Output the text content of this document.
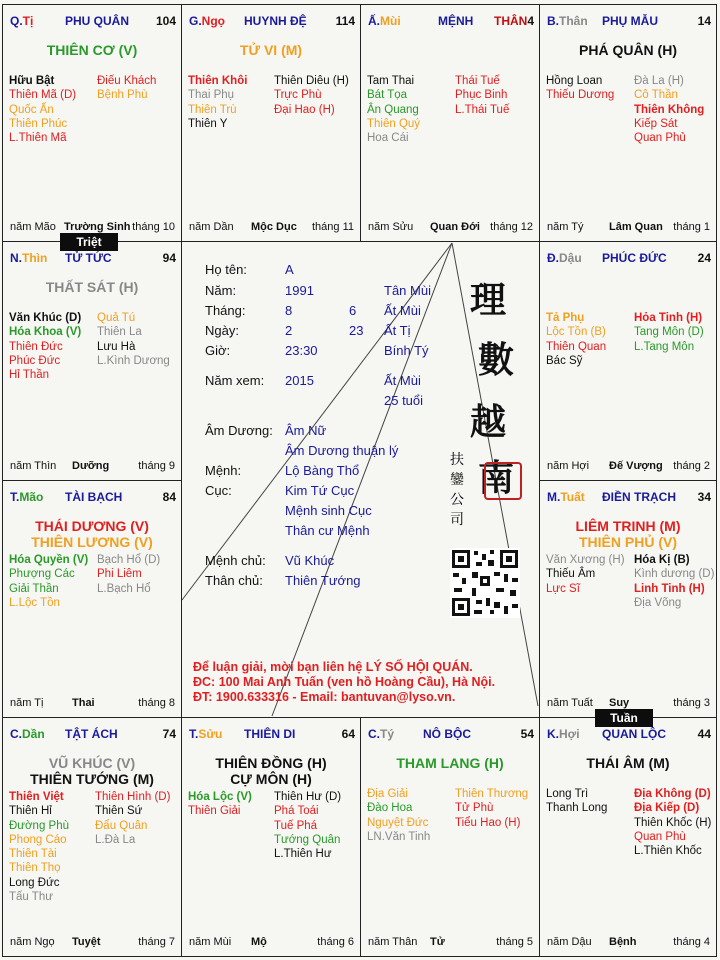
Q.Tị	PHU QUÂN 104
THIÊN CƠ (V)
Hữu Bật
Thiên Mã (D)
Quốc Ấn
Thiên Phúc
L.Thiên Mã
Điếu Khách
Bệnh Phù
năm Mão Trường Sinh tháng 10
G.Ngọ HUYNH ĐỆ 114
TỬ VI (M)
Thiên Khôi
Thai Phụ
Thiên Trù
Thiên Y
Thiên Diêu (H)
Trực Phù
Đại Hao (H)
năm Dần Mộc Dục tháng 11
Ấ.Mùi	MỆNH THÂN 4
Tam Thai
Bát Tọa
Ân Quang
Thiên Quý
Hoa Cái
Thái Tuế
Phục Binh
L.Thái Tuế
năm Sửu Quan Đới tháng 12
B.Thân PHỤ MẪU	14
PHÁ QUÂN (H)
Hồng Loan
Thiếu Dương
Đà La (H)
Cô Thần
Thiên Không
Kiếp Sát
Quan Phủ
năm Tý Lâm Quan tháng 1
N.Thìn TỬ TỨC	94
THẤT SÁT (H)
Văn Khúc (D)
Hóa Khoa (V)
Thiên Đức
Phúc Đức
Hỉ Thần
Quả Tú
Thiên La
Lưu Hà
L.Kình Dương
năm Thìn Dưỡng	tháng 9
Đ.Dậu PHÚC ĐỨC	24
Tả Phụ
Lộc Tồn (B)
Thiên Quan
Bác Sỹ
Hỏa Tinh (H)
Tang Môn (D)
L.Tang Môn
năm Hợi Đế Vượng tháng 2
T.Mão TÀI BẠCH	84
THÁI DƯƠNG (V)
THIÊN LƯƠNG (V)
Hóa Quyền (V)
Phượng Các
Giải Thần
L.Lộc Tồn
Bạch Hổ (D)
Phi Liêm
L.Bạch Hổ
năm Tị	Thai	tháng 8
M.Tuất ĐIỀN TRẠCH 34
LIÊM TRINH (M)
THIÊN PHỦ (V)
Văn Xương (H)
Thiếu Âm
Lực Sĩ
Hóa Kị (B)
Kình dương (D)
Linh Tinh (H)
Địa Võng
năm Tuất Suy	tháng 3
C.Dần TẬT ÁCH	74
VŨ KHÚC (V)
THIÊN TƯỚNG (M)
Thiên Việt
Thiên Hỉ
Đường Phù
Phong Cáo
Thiên Tài
Thiên Thọ
Long Đức
Tấu Thư
Thiên Hình (D)
Thiên Sứ
Đẩu Quân
L.Đà La
năm Ngọ Tuyệt	tháng 7
T.Sửu THIÊN DI	64
THIÊN ĐỒNG (H)
CỰ MÔN (H)
Hóa Lộc (V)
Thiên Giải
Thiên Hư (D)
Phá Toái
Tuế Phá
Tướng Quân
L.Thiên Hư
năm Mùi Mộ	tháng 6
C.Tý NÔ BỘC	54
THAM LANG (H)
Địa Giải
Đào Hoa
Nguyệt Đức
LN.Văn Tinh
Thiên Thương
Tử Phù
Tiểu Hao (H)
năm Thân Tử	tháng 5
K.Hợi QUAN LỘC	44
THÁI ÂM (M)
Long Trì
Thanh Long
Địa Không (D)
Địa Kiếp (D)
Thiên Khốc (H)
Quan Phù
L.Thiên Khốc
năm Dậu Bệnh	tháng 4
Triệt
Tuần
Họ tên:	A
Năm:	1991	Tân Mùi
Tháng:	8	6 Ất Mùi
Ngày:	2	23 Ất Tị
Giờ:	23:30	Bính Tý
Năm xem: 2015	Ất Mùi
25 tuổi
Âm Dương: Âm Nữ
Âm Dương thuận lý
Mệnh:	Lộ Bàng Thổ
Cục:	Kim Tứ Cục
Mệnh sinh Cục
Thân cư Mệnh
Mệnh chủ: Vũ Khúc
Thân chủ: Thiên Tướng
理
數
越
南
扶
鑾
公
司
Để luận giải, mời bạn liên hệ LÝ SỐ HỘI QUÁN.
ĐC: 100 Mai Anh Tuấn (ven hồ Hoàng Cầu), Hà Nội.
ĐT: 1900.633316 - Email: bantuvan@lyso.vn.
